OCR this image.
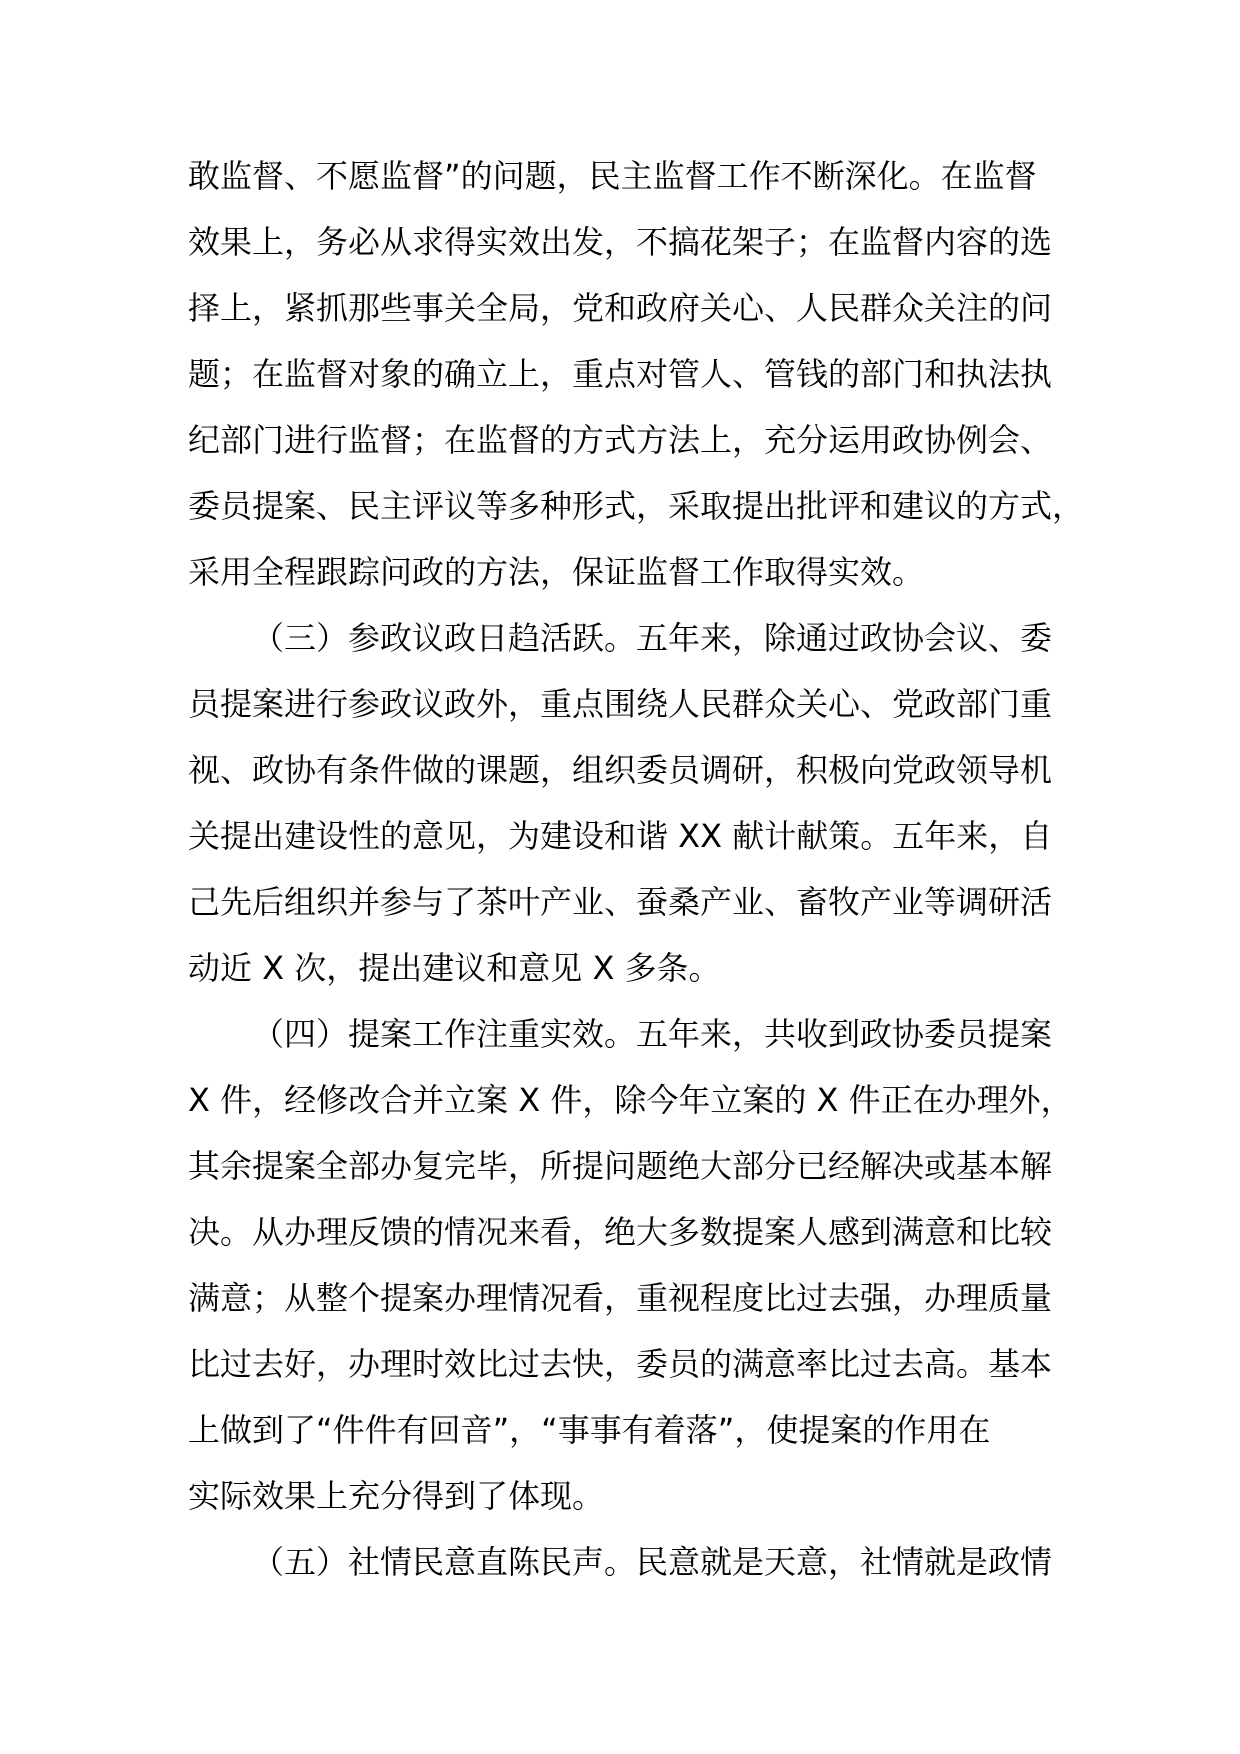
敢监督、不愿监督”的问题，民主监督工作不断深化。在监督
效果上，务必从求得实效出发，不搞花架子；在监督内容的选
择上，紧抓那些事关全局，党和政府关心、人民群众关注的问
题；在监督对象的确立上，重点对管人、管钱的部门和执法执
纪部门进行监督；在监督的方式方法上，充分运用政协例会、
委员提案、民主评议等多种形式，采取提出批评和建议的方式，
采用全程跟踪问政的方法，保证监督工作取得实效。
（三）参政议政日趋活跃。五年来，除通过政协会议、委
员提案进行参政议政外，重点围绕人民群众关心、党政部门重
视、政协有条件做的课题，组织委员调研，积极向党政领导机
关提出建设性的意见，为建设和谐 XX 献计献策。五年来，自
己先后组织并参与了茶叶产业、蚕桑产业、畜牧产业等调研活
动近 X 次，提出建议和意见 X 多条。
（四）提案工作注重实效。五年来，共收到政协委员提案
X 件，经修改合并立案 X 件，除今年立案的 X 件正在办理外，
其余提案全部办复完毕，所提问题绝大部分已经解决或基本解
决。从办理反馈的情况来看，绝大多数提案人感到满意和比较
满意；从整个提案办理情况看，重视程度比过去强，办理质量
比过去好，办理时效比过去快，委员的满意率比过去高。基本
上做到了“件件有回音”，“事事有着落”，使提案的作用在
实际效果上充分得到了体现。
（五）社情民意直陈民声。民意就是天意，社情就是政情
